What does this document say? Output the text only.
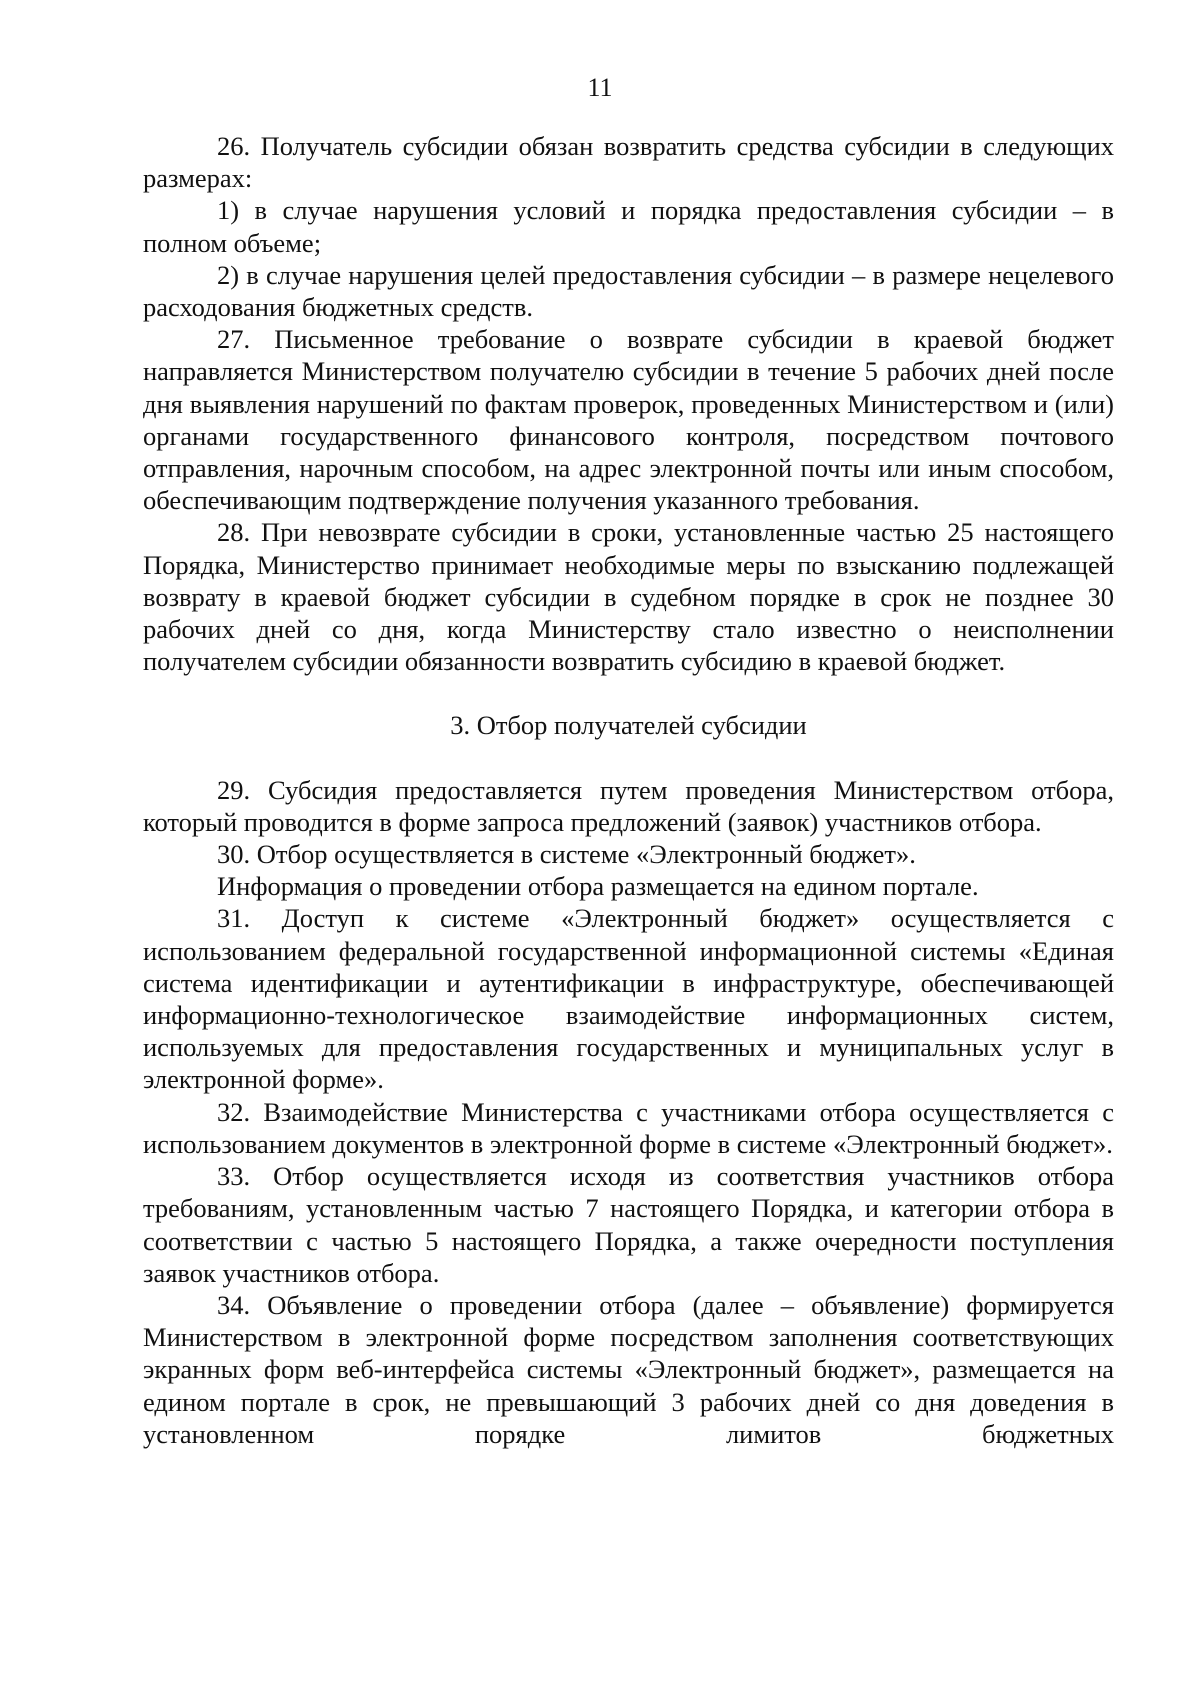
11

26. Получатель субсидии обязан возвратить средства субсидии в следующих размерах:

1) в случае нарушения условий и порядка предоставления субсидии – в полном объеме;

2) в случае нарушения целей предоставления субсидии – в размере нецелевого расходования бюджетных средств.

27. Письменное требование о возврате субсидии в краевой бюджет направляется Министерством получателю субсидии в течение 5 рабочих дней после дня выявления нарушений по фактам проверок, проведенных Министерством и (или) органами государственного финансового контроля, посредством почтового отправления, нарочным способом, на адрес электронной почты или иным способом, обеспечивающим подтверждение получения указанного требования.

28. При невозврате субсидии в сроки, установленные частью 25 настоящего Порядка, Министерство принимает необходимые меры по взысканию подлежащей возврату в краевой бюджет субсидии в судебном порядке в срок не позднее 30 рабочих дней со дня, когда Министерству стало известно о неисполнении получателем субсидии обязанности возвратить субсидию в краевой бюджет.

3. Отбор получателей субсидии

29. Субсидия предоставляется путем проведения Министерством отбора, который проводится в форме запроса предложений (заявок) участников отбора.

30. Отбор осуществляется в системе «Электронный бюджет».

Информация о проведении отбора размещается на едином портале.

31. Доступ к системе «Электронный бюджет» осуществляется с использованием федеральной государственной информационной системы «Единая система идентификации и аутентификации в инфраструктуре, обеспечивающей информационно-технологическое взаимодействие информационных систем, используемых для предоставления государственных и муниципальных услуг в электронной форме».

32. Взаимодействие Министерства с участниками отбора осуществляется с использованием документов в электронной форме в системе «Электронный бюджет».

33. Отбор осуществляется исходя из соответствия участников отбора требованиям, установленным частью 7 настоящего Порядка, и категории отбора в соответствии с частью 5 настоящего Порядка, а также очередности поступления заявок участников отбора.

34. Объявление о проведении отбора (далее – объявление) формируется Министерством в электронной форме посредством заполнения соответствующих экранных форм веб-интерфейса системы «Электронный бюджет», размещается на едином портале в срок, не превышающий 3 рабочих дней со дня доведения в установленном порядке лимитов бюджетных
